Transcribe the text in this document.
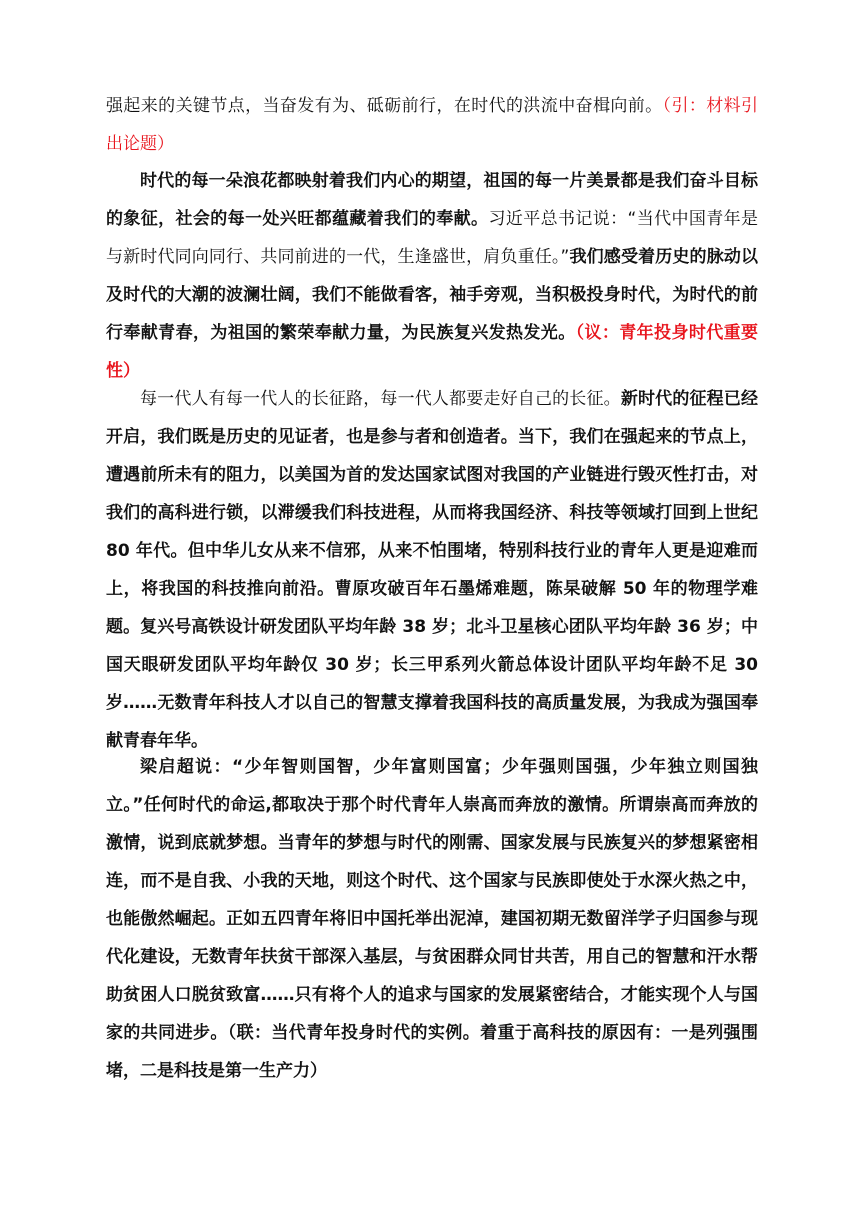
强起来的关键节点，当奋发有为、砥砺前行，在时代的洪流中奋楫向前。（引：材料引出论题）

时代的每一朵浪花都映射着我们内心的期望，祖国的每一片美景都是我们奋斗目标的象征，社会的每一处兴旺都蕴藏着我们的奉献。习近平总书记说：“当代中国青年是与新时代同向同行、共同前进的一代，生逢盛世，肩负重任。”我们感受着历史的脉动以及时代的大潮的波澜壮阔，我们不能做看客，袖手旁观，当积极投身时代，为时代的前行奉献青春，为祖国的繁荣奉献力量，为民族复兴发热发光。（议：青年投身时代重要性）

每一代人有每一代人的长征路，每一代人都要走好自己的长征。新时代的征程已经开启，我们既是历史的见证者，也是参与者和创造者。当下，我们在强起来的节点上，遭遇前所未有的阻力，以美国为首的发达国家试图对我国的产业链进行毁灭性打击，对我们的高科进行锁，以滞缓我们科技进程，从而将我国经济、科技等领域打回到上世纪 80 年代。但中华儿女从来不信邪，从来不怕围堵，特别科技行业的青年人更是迎难而上，将我国的科技推向前沿。曹原攻破百年石墨烯难题，陈杲破解 50 年的物理学难题。复兴号高铁设计研发团队平均年龄 38 岁；北斗卫星核心团队平均年龄 36 岁；中国天眼研发团队平均年龄仅 30 岁；长三甲系列火箭总体设计团队平均年龄不足 30 岁……无数青年科技人才以自己的智慧支撑着我国科技的高质量发展，为我成为强国奉献青春年华。

梁启超说：“少年智则国智，少年富则国富；少年强则国强，少年独立则国独立。”任何时代的命运,都取决于那个时代青年人崇高而奔放的激情。所谓崇高而奔放的激情，说到底就梦想。当青年的梦想与时代的刚需、国家发展与民族复兴的梦想紧密相连，而不是自我、小我的天地，则这个时代、这个国家与民族即使处于水深火热之中，也能傲然崛起。正如五四青年将旧中国托举出泥淖，建国初期无数留洋学子归国参与现代化建设，无数青年扶贫干部深入基层，与贫困群众同甘共苦，用自己的智慧和汗水帮助贫困人口脱贫致富……只有将个人的追求与国家的发展紧密结合，才能实现个人与国家的共同进步。（联：当代青年投身时代的实例。着重于高科技的原因有：一是列强围堵，二是科技是第一生产力）
